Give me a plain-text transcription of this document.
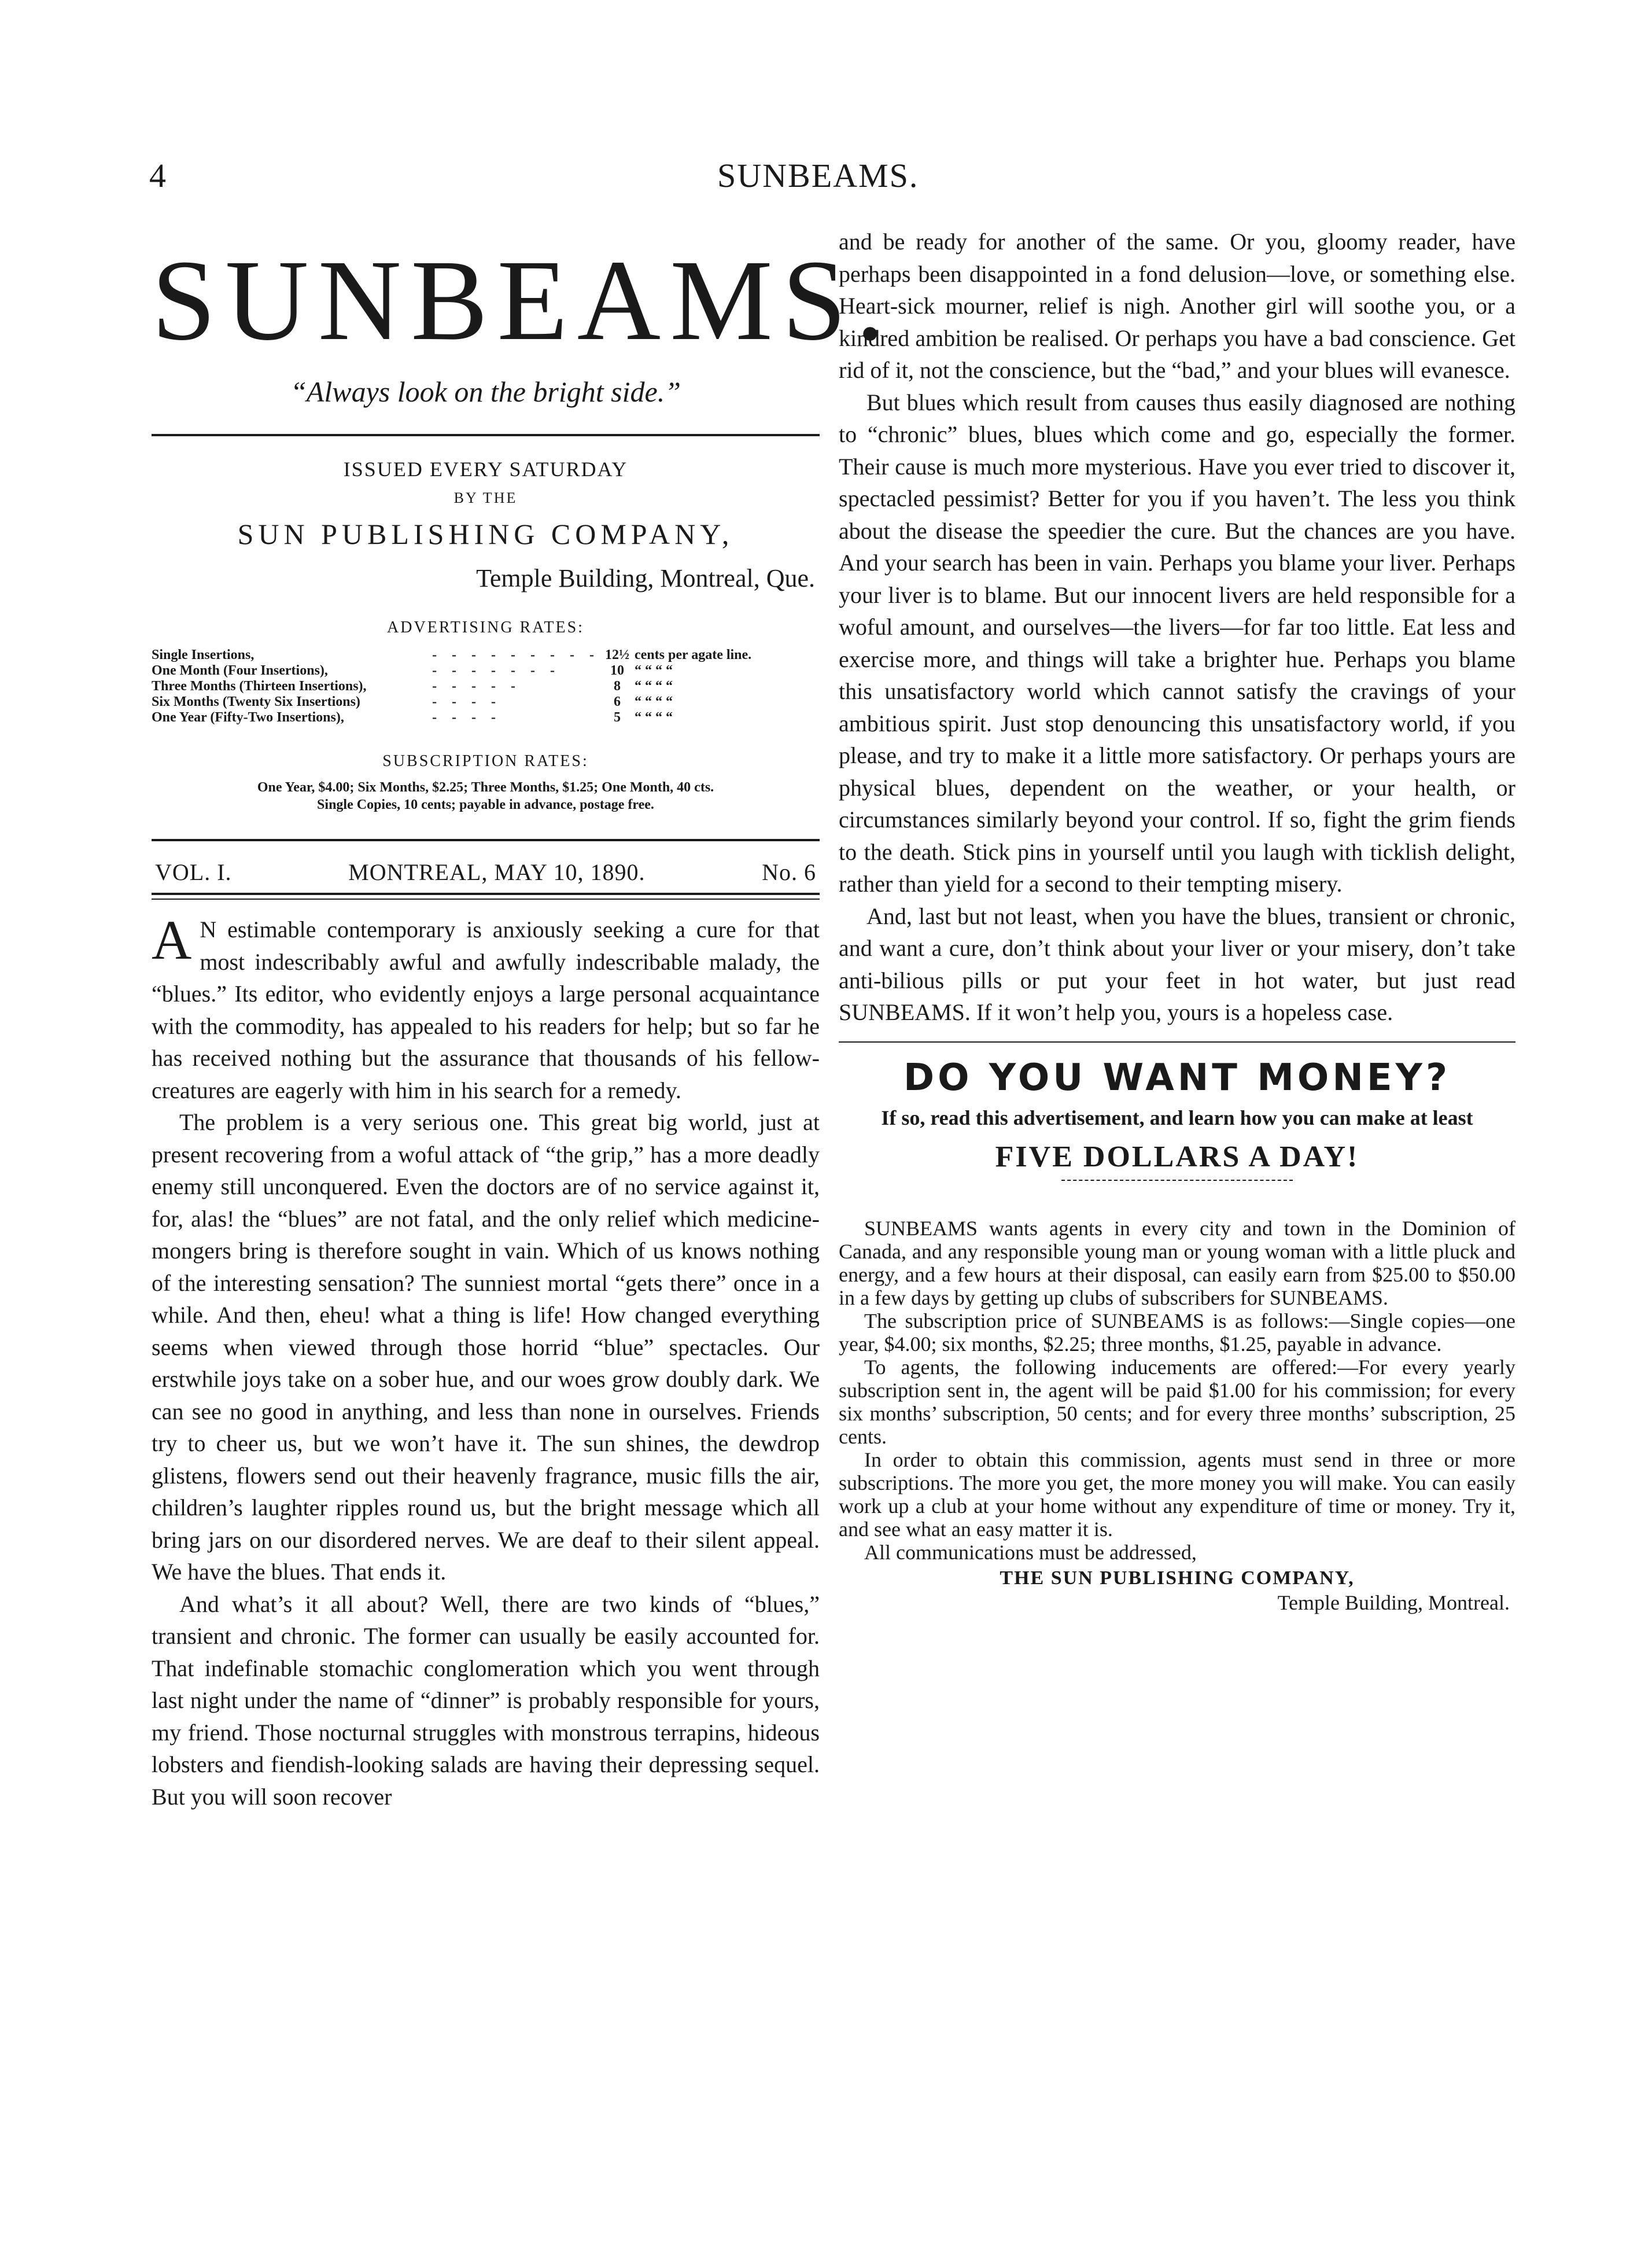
4	SUNBEAMS.
SUNBEAMS.
“Always look on the bright side.”
ISSUED EVERY SATURDAY
BY THE
SUN PUBLISHING COMPANY,
Temple Building, Montreal, Que.
ADVERTISING RATES:
Single Insertions,	- - - - - - - - -	12½	cents per agate line.
One Month (Four Insertions),	- - - - - - -	10	“ “ “ “
Three Months (Thirteen Insertions),	- - - - -	8	“ “ “ “
Six Months (Twenty Six Insertions)	- - - -	6	“ “ “ “
One Year (Fifty-Two Insertions),	- - - -	5	“ “ “ “
SUBSCRIPTION RATES:
One Year, $4.00; Six Months, $2.25; Three Months, $1.25; One Month, 40 cts.
Single Copies, 10 cents; payable in advance, postage free.
VOL. I.	MONTREAL, MAY 10, 1890.	No. 6

A N estimable contemporary is anxiously seeking a cure for that most indescribably awful and awfully indescribable malady, the “blues.” Its editor, who evidently enjoys a large personal acquaintance with the commodity, has appealed to his readers for help; but so far he has received nothing but the assurance that thousands of his fellow-creatures are eagerly with him in his search for a remedy.

The problem is a very serious one. This great big world, just at present recovering from a woful attack of “the grip,” has a more deadly enemy still unconquered. Even the doctors are of no service against it, for, alas! the “blues” are not fatal, and the only relief which medicine-mongers bring is therefore sought in vain. Which of us knows nothing of the interesting sensation? The sunniest mortal “gets there” once in a while. And then, eheu! what a thing is life! How changed everything seems when viewed through those horrid “blue” spectacles. Our erstwhile joys take on a sober hue, and our woes grow doubly dark. We can see no good in anything, and less than none in ourselves. Friends try to cheer us, but we won’t have it. The sun shines, the dewdrop glistens, flowers send out their heavenly fragrance, music fills the air, children’s laughter ripples round us, but the bright message which all bring jars on our disordered nerves. We are deaf to their silent appeal. We have the blues. That ends it.

And what’s it all about? Well, there are two kinds of “blues,” transient and chronic. The former can usually be easily accounted for. That indefinable stomachic conglomeration which you went through last night under the name of “dinner” is probably responsible for yours, my friend. Those nocturnal struggles with monstrous terrapins, hideous lobsters and fiendish-looking salads are having their depressing sequel. But you will soon recover

and be ready for another of the same. Or you, gloomy reader, have perhaps been disappointed in a fond delusion—love, or something else. Heart-sick mourner, relief is nigh. Another girl will soothe you, or a kindred ambition be realised. Or perhaps you have a bad conscience. Get rid of it, not the conscience, but the “bad,” and your blues will evanesce.

But blues which result from causes thus easily diagnosed are nothing to “chronic” blues, blues which come and go, especially the former. Their cause is much more mysterious. Have you ever tried to discover it, spectacled pessimist? Better for you if you haven’t. The less you think about the disease the speedier the cure. But the chances are you have. And your search has been in vain. Perhaps you blame your liver. Perhaps your liver is to blame. But our innocent livers are held responsible for a woful amount, and ourselves—the livers—for far too little. Eat less and exercise more, and things will take a brighter hue. Perhaps you blame this unsatisfactory world which cannot satisfy the cravings of your ambitious spirit. Just stop denouncing this unsatisfactory world, if you please, and try to make it a little more satisfactory. Or perhaps yours are physical blues, dependent on the weather, or your health, or circumstances similarly beyond your control. If so, fight the grim fiends to the death. Stick pins in yourself until you laugh with ticklish delight, rather than yield for a second to their tempting misery.

And, last but not least, when you have the blues, transient or chronic, and want a cure, don’t think about your liver or your misery, don’t take anti-bilious pills or put your feet in hot water, but just read SUNBEAMS. If it won’t help you, yours is a hopeless case.

DO YOU WANT MONEY?
If so, read this advertisement, and learn how you can make at least
FIVE DOLLARS A DAY!

SUNBEAMS wants agents in every city and town in the Dominion of Canada, and any responsible young man or young woman with a little pluck and energy, and a few hours at their disposal, can easily earn from $25.00 to $50.00 in a few days by getting up clubs of subscribers for SUNBEAMS.

The subscription price of SUNBEAMS is as follows:—Single copies—one year, $4.00; six months, $2.25; three months, $1.25, payable in advance.

To agents, the following inducements are offered:—For every yearly subscription sent in, the agent will be paid $1.00 for his commission; for every six months’ subscription, 50 cents; and for every three months’ subscription, 25 cents.

In order to obtain this commission, agents must send in three or more subscriptions. The more you get, the more money you will make. You can easily work up a club at your home without any expenditure of time or money. Try it, and see what an easy matter it is.

All communications must be addressed,

THE SUN PUBLISHING COMPANY,
Temple Building, Montreal.
